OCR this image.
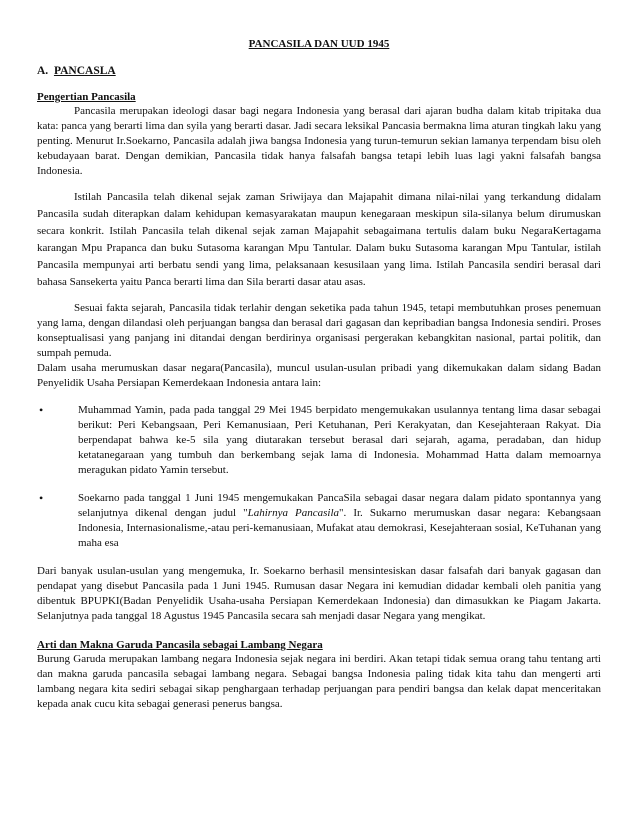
PANCASILA DAN UUD 1945
A. PANCASLA
Pengertian Pancasila

Pancasila merupakan ideologi dasar bagi negara Indonesia yang berasal dari ajaran budha dalam kitab tripitaka dua kata: panca yang berarti lima dan syila yang berarti dasar. Jadi secara leksikal Pancasia bermakna lima aturan tingkah laku yang penting. Menurut Ir.Soekarno, Pancasila adalah jiwa bangsa Indonesia yang turun-temurun sekian lamanya terpendam bisu oleh kebudayaan barat. Dengan demikian, Pancasila tidak hanya falsafah bangsa tetapi lebih luas lagi yakni falsafah bangsa Indonesia.

Istilah Pancasila telah dikenal sejak zaman Sriwijaya dan Majapahit dimana nilai-nilai yang terkandung didalam Pancasila sudah diterapkan dalam kehidupan kemasyarakatan maupun kenegaraan meskipun sila-silanya belum dirumuskan secara konkrit. Istilah Pancasila telah dikenal sejak zaman Majapahit sebagaimana tertulis dalam buku NegaraKertagama karangan Mpu Prapanca dan buku Sutasoma karangan Mpu Tantular. Dalam buku Sutasoma karangan Mpu Tantular, istilah Pancasila mempunyai arti berbatu sendi yang lima, pelaksanaan kesusilaan yang lima. Istilah Pancasila sendiri berasal dari bahasa Sansekerta yaitu Panca berarti lima dan Sila berarti dasar atau asas.

Sesuai fakta sejarah, Pancasila tidak terlahir dengan seketika pada tahun 1945, tetapi membutuhkan proses penemuan yang lama, dengan dilandasi oleh perjuangan bangsa dan berasal dari gagasan dan kepribadian bangsa Indonesia sendiri. Proses konseptualisasi yang panjang ini ditandai dengan berdirinya organisasi pergerakan kebangkitan nasional, partai politik, dan sumpah pemuda.

Dalam usaha merumuskan dasar negara(Pancasila), muncul usulan-usulan pribadi yang dikemukakan dalam sidang Badan Penyelidik Usaha Persiapan Kemerdekaan Indonesia antara lain:

•	Muhammad Yamin, pada pada tanggal 29 Mei 1945 berpidato mengemukakan usulannya tentang lima dasar sebagai berikut: Peri Kebangsaan, Peri Kemanusiaan, Peri Ketuhanan, Peri Kerakyatan, dan Kesejahteraan Rakyat. Dia berpendapat bahwa ke-5 sila yang diutarakan tersebut berasal dari sejarah, agama, peradaban, dan hidup ketatanegaraan yang tumbuh dan berkembang sejak lama di Indonesia. Mohammad Hatta dalam memoarnya meragukan pidato Yamin tersebut.
•	Soekarno pada tanggal 1 Juni 1945 mengemukakan PancaSila sebagai dasar negara dalam pidato spontannya yang selanjutnya dikenal dengan judul "Lahirnya Pancasila". Ir. Sukarno merumuskan dasar negara: Kebangsaan Indonesia, Internasionalisme,-atau peri-kemanusiaan, Mufakat atau demokrasi, Kesejahteraan sosial, KeTuhanan yang maha esa

Dari banyak usulan-usulan yang mengemuka, Ir. Soekarno berhasil mensintesiskan dasar falsafah dari banyak gagasan dan pendapat yang disebut Pancasila pada 1 Juni 1945. Rumusan dasar Negara ini kemudian didadar kembali oleh panitia yang dibentuk BPUPKI(Badan Penyelidik Usaha-usaha Persiapan Kemerdekaan Indonesia) dan dimasukkan ke Piagam Jakarta. Selanjutnya pada tanggal 18 Agustus 1945 Pancasila secara sah menjadi dasar Negara yang mengikat.

Arti dan Makna Garuda Pancasila sebagai Lambang Negara

Burung Garuda merupakan lambang negara Indonesia sejak negara ini berdiri. Akan tetapi tidak semua orang tahu tentang arti dan makna garuda pancasila sebagai lambang negara. Sebagai bangsa Indonesia paling tidak kita tahu dan mengerti arti lambang negara kita sediri sebagai sikap penghargaan terhadap perjuangan para pendiri bangsa dan kelak dapat menceritakan kepada anak cucu kita sebagai generasi penerus bangsa.
